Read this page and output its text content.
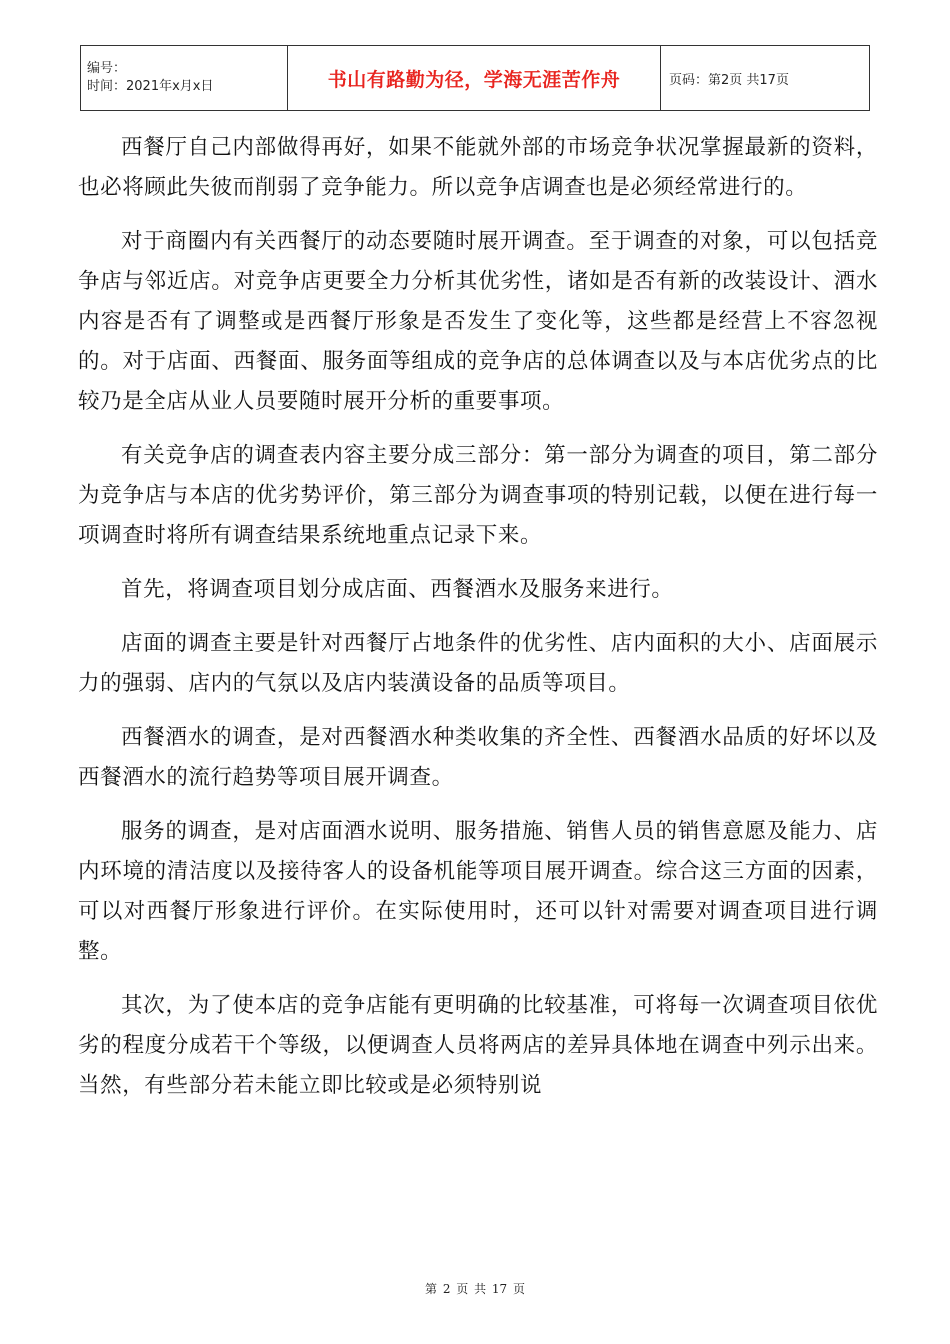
编号：
时间：2021年x月x日	书山有路勤为径，学海无涯苦作舟	页码：第2页 共17页

西餐厅自己内部做得再好，如果不能就外部的市场竞争状况掌握最新的资料，也必将顾此失彼而削弱了竞争能力。所以竞争店调查也是必须经常进行的。

对于商圈内有关西餐厅的动态要随时展开调查。至于调查的对象，可以包括竞争店与邻近店。对竞争店更要全力分析其优劣性，诸如是否有新的改装设计、酒水内容是否有了调整或是西餐厅形象是否发生了变化等，这些都是经营上不容忽视的。对于店面、西餐面、服务面等组成的竞争店的总体调查以及与本店优劣点的比较乃是全店从业人员要随时展开分析的重要事项。

有关竞争店的调查表内容主要分成三部分：第一部分为调查的项目，第二部分为竞争店与本店的优劣势评价，第三部分为调查事项的特别记载，以便在进行每一项调查时将所有调查结果系统地重点记录下来。

首先，将调查项目划分成店面、西餐酒水及服务来进行。

店面的调查主要是针对西餐厅占地条件的优劣性、店内面积的大小、店面展示力的强弱、店内的气氛以及店内装潢设备的品质等项目。

西餐酒水的调查，是对西餐酒水种类收集的齐全性、西餐酒水品质的好坏以及西餐酒水的流行趋势等项目展开调查。

服务的调查，是对店面酒水说明、服务措施、销售人员的销售意愿及能力、店内环境的清洁度以及接待客人的设备机能等项目展开调查。综合这三方面的因素，可以对西餐厅形象进行评价。在实际使用时，还可以针对需要对调查项目进行调整。

其次，为了使本店的竞争店能有更明确的比较基准，可将每一次调查项目依优劣的程度分成若干个等级，以便调查人员将两店的差异具体地在调查中列示出来。当然，有些部分若未能立即比较或是必须特别说

第 2 页 共 17 页
